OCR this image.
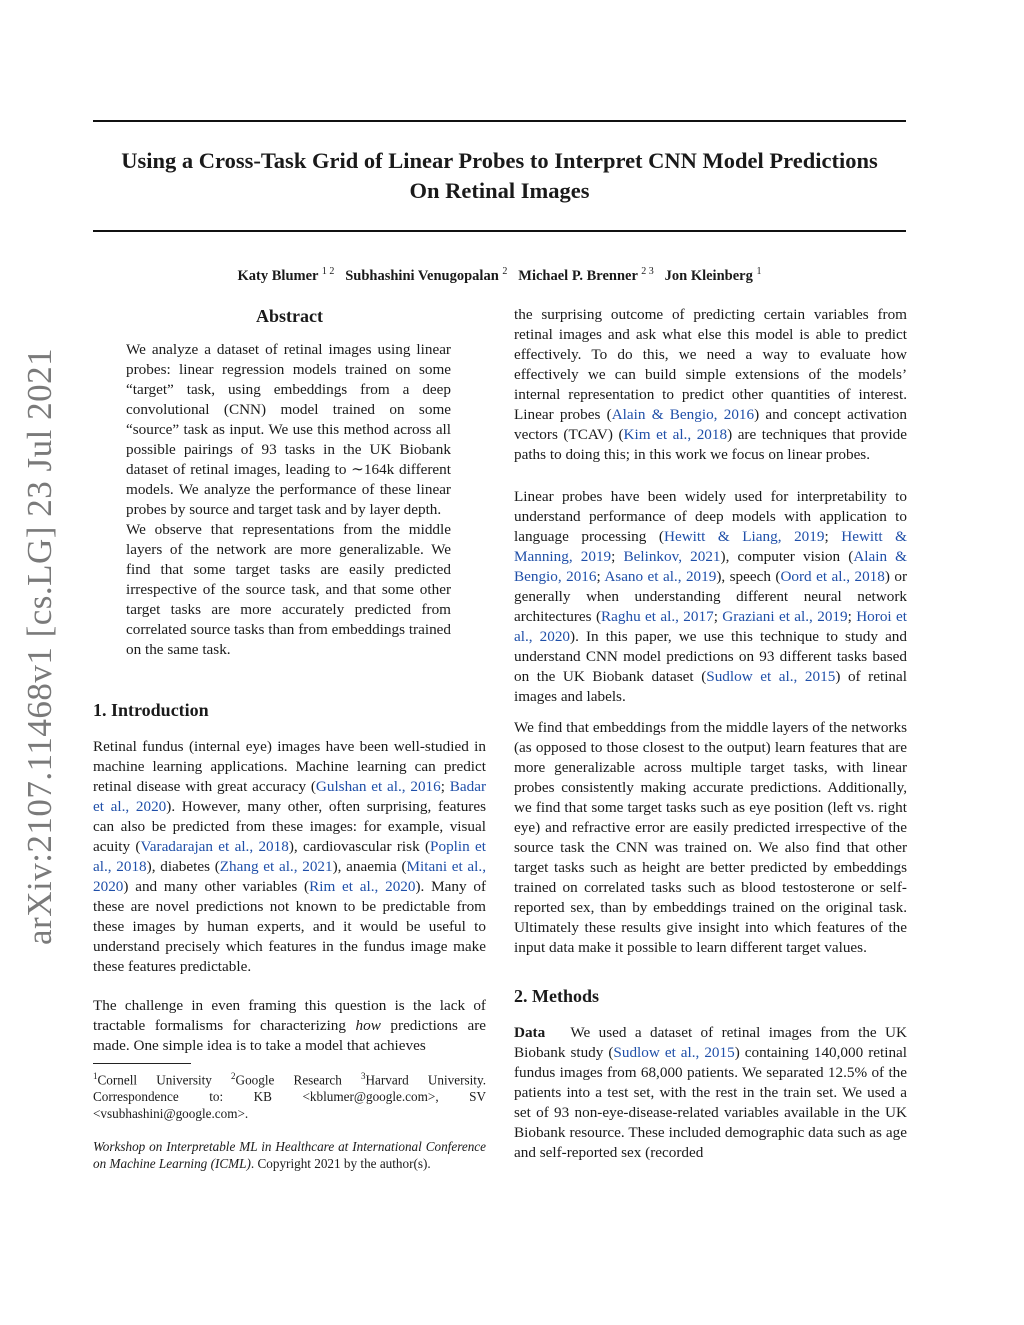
Using a Cross-Task Grid of Linear Probes to Interpret CNN Model Predictions
On Retinal Images
Katy Blumer $^{1 2}$ Subhashini Venugopalan $^2$ Michael P. Brenner $^{2 3}$ Jon Kleinberg $^1$
arXiv:2107.11468v1 [cs.LG] 23 Jul 2021
Abstract

We analyze a dataset of retinal images using linear probes: linear regression models trained on some “target” task, using embeddings from a deep convolutional (CNN) model trained on some “source” task as input. We use this method across all possible pairings of 93 tasks in the UK Biobank dataset of retinal images, leading to ∼164k different models. We analyze the performance of these linear probes by source and target task and by layer depth.

We observe that representations from the middle layers of the network are more generalizable. We find that some target tasks are easily predicted irrespective of the source task, and that some other target tasks are more accurately predicted from correlated source tasks than from embeddings trained on the same task.

1. Introduction

Retinal fundus (internal eye) images have been well-studied in machine learning applications. Machine learning can predict retinal disease with great accuracy (Gulshan et al., 2016; Badar et al., 2020). However, many other, often surprising, features can also be predicted from these images: for example, visual acuity (Varadarajan et al., 2018), cardiovascular risk (Poplin et al., 2018), diabetes (Zhang et al., 2021), anaemia (Mitani et al., 2020) and many other variables (Rim et al., 2020). Many of these are novel predictions not known to be predictable from these images by human experts, and it would be useful to understand precisely which features in the fundus image make these features predictable.

The challenge in even framing this question is the lack of tractable formalisms for characterizing how predictions are made. One simple idea is to take a model that achieves

$^1$Cornell University $^2$Google Research $^3$Harvard University. Correspondence to: KB <kblumer@google.com>, SV <vsubhashini@google.com>.

Workshop on Interpretable ML in Healthcare at International Conference on Machine Learning (ICML). Copyright 2021 by the author(s).

the surprising outcome of predicting certain variables from retinal images and ask what else this model is able to predict effectively. To do this, we need a way to evaluate how effectively we can build simple extensions of the models’ internal representation to predict other quantities of interest. Linear probes (Alain & Bengio, 2016) and concept activation vectors (TCAV) (Kim et al., 2018) are techniques that provide paths to doing this; in this work we focus on linear probes.

Linear probes have been widely used for interpretability to understand performance of deep models with application to language processing (Hewitt & Liang, 2019; Hewitt & Manning, 2019; Belinkov, 2021), computer vision (Alain & Bengio, 2016; Asano et al., 2019), speech (Oord et al., 2018) or generally when understanding different neural network architectures (Raghu et al., 2017; Graziani et al., 2019; Horoi et al., 2020). In this paper, we use this technique to study and understand CNN model predictions on 93 different tasks based on the UK Biobank dataset (Sudlow et al., 2015) of retinal images and labels.

We find that embeddings from the middle layers of the networks (as opposed to those closest to the output) learn features that are more generalizable across multiple target tasks, with linear probes consistently making accurate predictions. Additionally, we find that some target tasks such as eye position (left vs. right eye) and refractive error are easily predicted irrespective of the source task the CNN was trained on. We also find that other target tasks such as height are better predicted by embeddings trained on correlated tasks such as blood testosterone or self-reported sex, than by embeddings trained on the original task. Ultimately these results give insight into which features of the input data make it possible to learn different target values.

2. Methods

Data We used a dataset of retinal images from the UK Biobank study (Sudlow et al., 2015) containing 140,000 retinal fundus images from 68,000 patients. We separated 12.5% of the patients into a test set, with the rest in the train set. We used a set of 93 non-eye-disease-related variables available in the UK Biobank resource. These included demographic data such as age and self-reported sex (recorded
